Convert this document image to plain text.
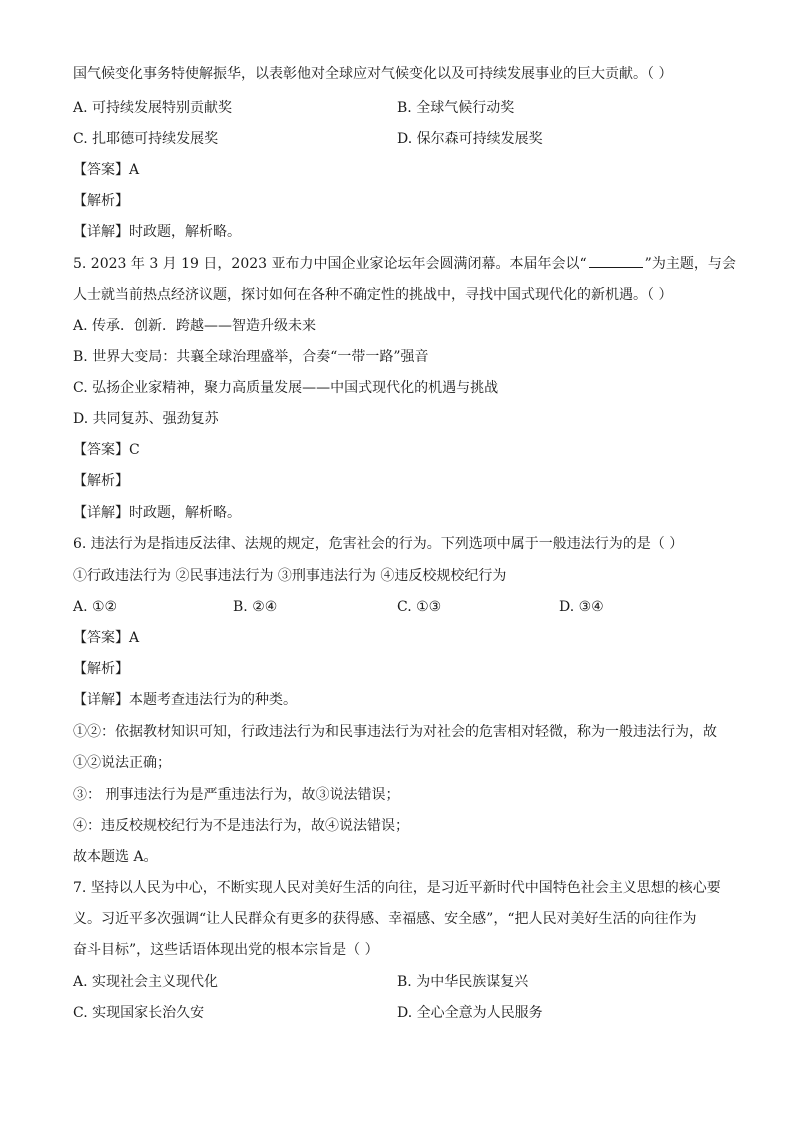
国气候变化事务特使解振华，以表彰他对全球应对气候变化以及可持续发展事业的巨大贡献。（ ）
A. 可持续发展特别贡献奖	B. 全球气候行动奖
C. 扎耶德可持续发展奖	D. 保尔森可持续发展奖
【答案】A
【解析】
【详解】时政题，解析略。
5. 2023 年 3 月 19 日，2023 亚布力中国企业家论坛年会圆满闭幕。本届年会以“	”为主题，与会
人士就当前热点经济议题，探讨如何在各种不确定性的挑战中，寻找中国式现代化的新机遇。（ ）
A. 传承．创新．跨越——智造升级未来
B. 世界大变局：共襄全球治理盛举，合奏“一带一路”强音
C. 弘扬企业家精神，聚力高质量发展——中国式现代化的机遇与挑战
D. 共同复苏、强劲复苏
【答案】C
【解析】
【详解】时政题，解析略。
6. 违法行为是指违反法律、法规的规定，危害社会的行为。下列选项中属于一般违法行为的是（ ）
①行政违法行为 ②民事违法行为 ③刑事违法行为 ④违反校规校纪行为
A. ①②	B. ②④	C. ①③	D. ③④
【答案】A
【解析】
【详解】本题考查违法行为的种类。
①②：依据教材知识可知，行政违法行为和民事违法行为对社会的危害相对轻微，称为一般违法行为，故
①②说法正确；
③： 刑事违法行为是严重违法行为，故③说法错误；
④：违反校规校纪行为不是违法行为，故④说法错误；
故本题选 A。
7. 坚持以人民为中心，不断实现人民对美好生活的向往，是习近平新时代中国特色社会主义思想的核心要
义。习近平多次强调“让人民群众有更多的获得感、幸福感、安全感”，“把人民对美好生活的向往作为
奋斗目标”，这些话语体现出党的根本宗旨是（ ）
A. 实现社会主义现代化	B. 为中华民族谋复兴
C. 实现国家长治久安	D. 全心全意为人民服务
